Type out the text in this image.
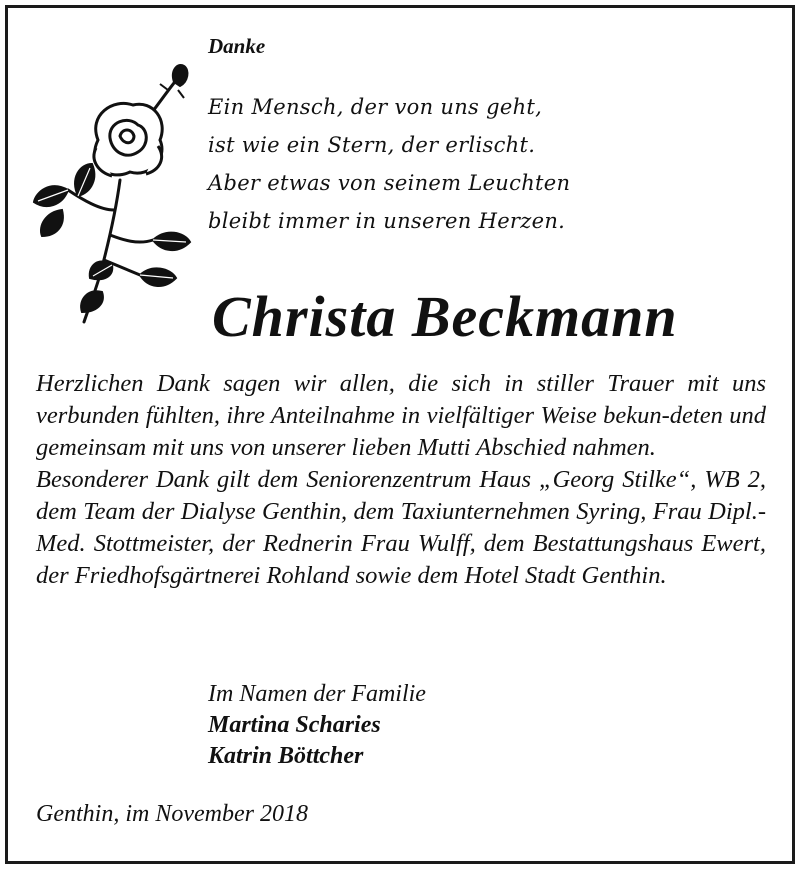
Danke
Ein Mensch, der von uns geht,
ist wie ein Stern, der erlischt.
Aber etwas von seinem Leuchten
bleibt immer in unseren Herzen.
Christa Beckmann

Herzlichen Dank sagen wir allen, die sich in stiller Trauer mit uns verbunden fühlten, ihre Anteilnahme in vielfältiger Weise bekun-deten und gemeinsam mit uns von unserer lieben Mutti Abschied nahmen.

Besonderer Dank gilt dem Seniorenzentrum Haus „Georg Stilke“, WB 2, dem Team der Dialyse Genthin, dem Taxiunternehmen Syring, Frau Dipl.-Med. Stottmeister, der Rednerin Frau Wulff, dem Bestattungshaus Ewert, der Friedhofsgärtnerei Rohland sowie dem Hotel Stadt Genthin.

Im Namen der Familie
Martina Scharies
Katrin Böttcher
Genthin, im November 2018
